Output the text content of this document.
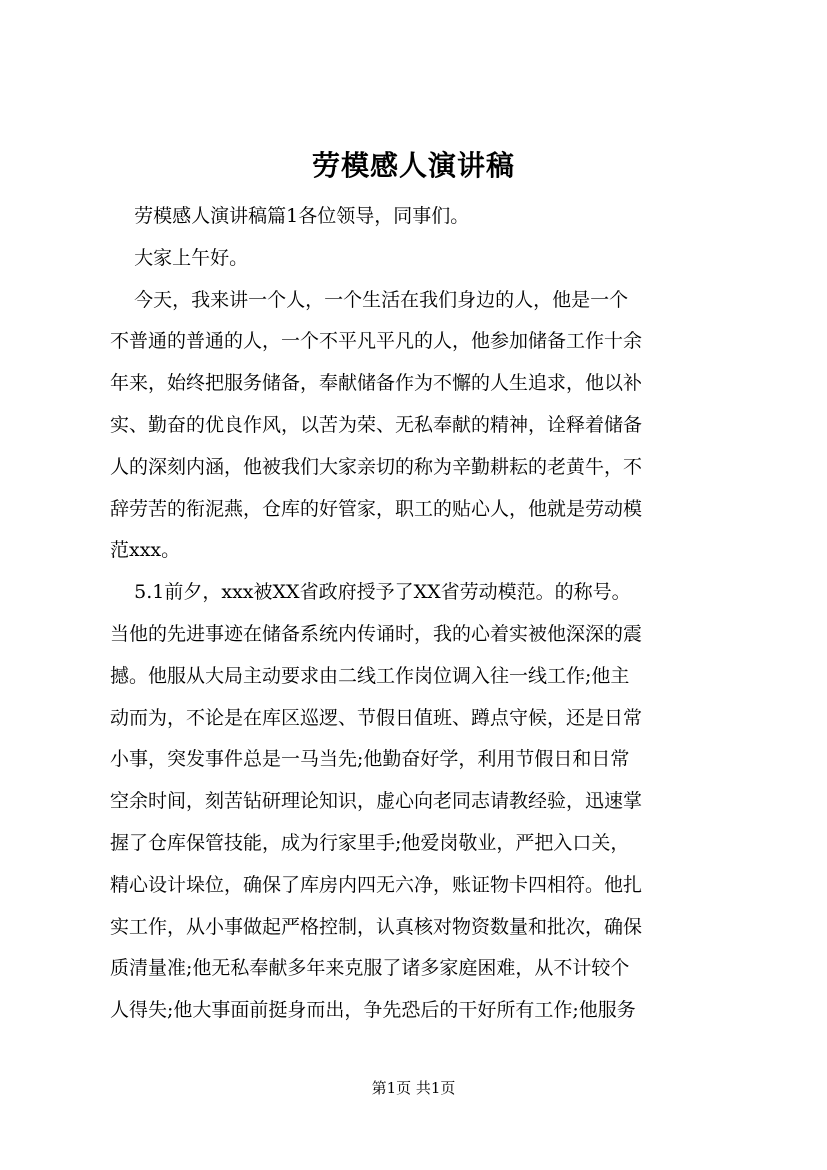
劳模感人演讲稿

劳模感人演讲稿篇1各位领导，同事们。

大家上午好。

今天，我来讲一个人，一个生活在我们身边的人，他是一个

不普通的普通的人，一个不平凡平凡的人，他参加储备工作十余

年来，始终把服务储备，奉献储备作为不懈的人生追求，他以补

实、勤奋的优良作风，以苦为荣、无私奉献的精神，诠释着储备

人的深刻内涵，他被我们大家亲切的称为辛勤耕耘的老黄牛，不

辞劳苦的衔泥燕，仓库的好管家，职工的贴心人，他就是劳动模

范xxx。

5.1前夕，xxx被XX省政府授予了XX省劳动模范。的称号。

当他的先进事迹在储备系统内传诵时，我的心着实被他深深的震

撼。他服从大局主动要求由二线工作岗位调入往一线工作;他主

动而为，不论是在库区巡逻、节假日值班、蹲点守候，还是日常

小事，突发事件总是一马当先;他勤奋好学，利用节假日和日常

空余时间，刻苦钻研理论知识，虚心向老同志请教经验，迅速掌

握了仓库保管技能，成为行家里手;他爱岗敬业，严把入口关，

精心设计垛位，确保了库房内四无六净，账证物卡四相符。他扎

实工作，从小事做起严格控制，认真核对物资数量和批次，确保

质清量准;他无私奉献多年来克服了诸多家庭困难，从不计较个

人得失;他大事面前挺身而出，争先恐后的干好所有工作;他服务

第1页 共1页
